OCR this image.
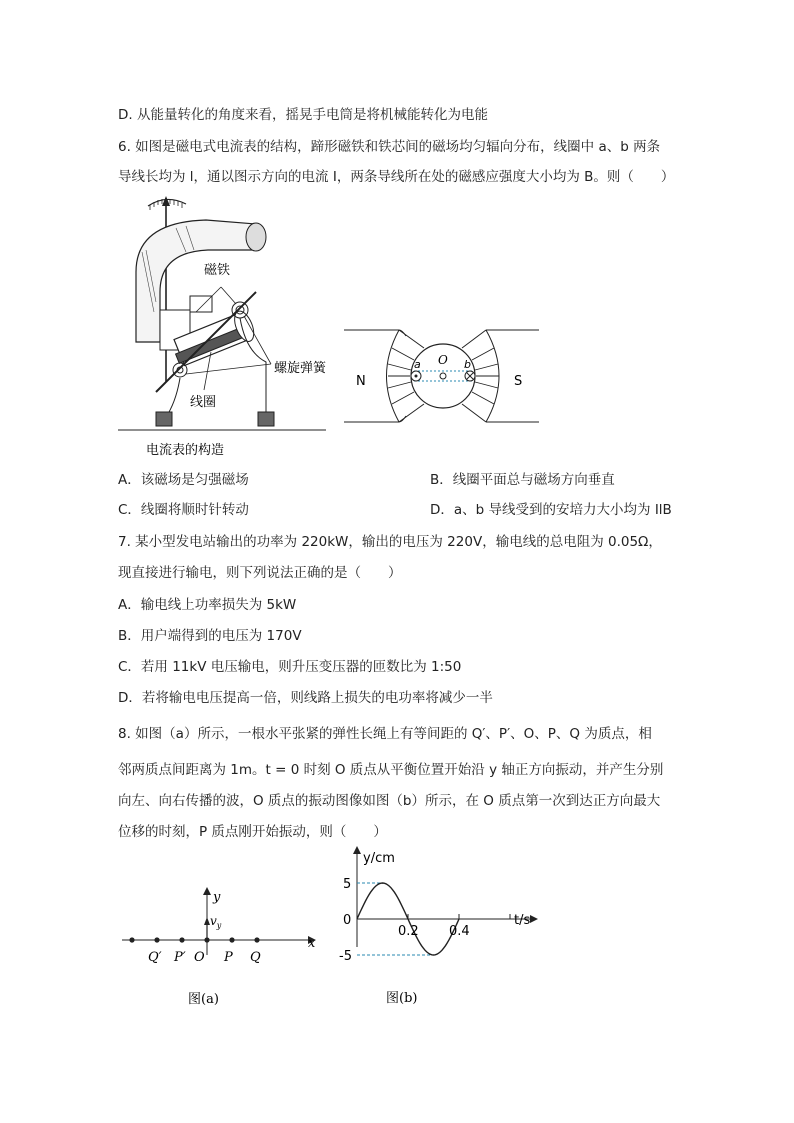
D. 从能量转化的角度来看，摇晃手电筒是将机械能转化为电能
6. 如图是磁电式电流表的结构，蹄形磁铁和铁芯间的磁场均匀辐向分布，线圈中 a、b 两条
导线长均为 l，通以图示方向的电流 I，两条导线所在处的磁感应强度大小均为 B。则（　　）
磁铁
螺旋弹簧
线圈
电流表的构造
N	S
O
a	b
A．该磁场是匀强磁场	B．线圈平面总与磁场方向垂直
C．线圈将顺时针转动	D．a、b 导线受到的安培力大小均为 IlB
7. 某小型发电站输出的功率为 220kW，输出的电压为 220V，输电线的总电阻为 0.05Ω，
现直接进行输电，则下列说法正确的是（　　）
A．输电线上功率损失为 5kW
B．用户端得到的电压为 170V
C．若用 11kV 电压输电，则升压变压器的匝数比为 1:50
D．若将输电电压提高一倍，则线路上损失的电功率将减少一半
8. 如图（a）所示，一根水平张紧的弹性长绳上有等间距的 Q′、P′、O、P、Q 为质点，相
邻两质点间距离为 1m。t = 0 时刻 O 质点从平衡位置开始沿 y 轴正方向振动，并产生分别
向左、向右传播的波，O 质点的振动图像如图（b）所示，在 O 质点第一次到达正方向最大
位移的时刻，P 质点刚开始振动，则（　　）
y
x
$v_y$
Q′ P′ O P Q
图(a)
y/cm
t/s
5
0
-5
0.2 0.4
图(b)
